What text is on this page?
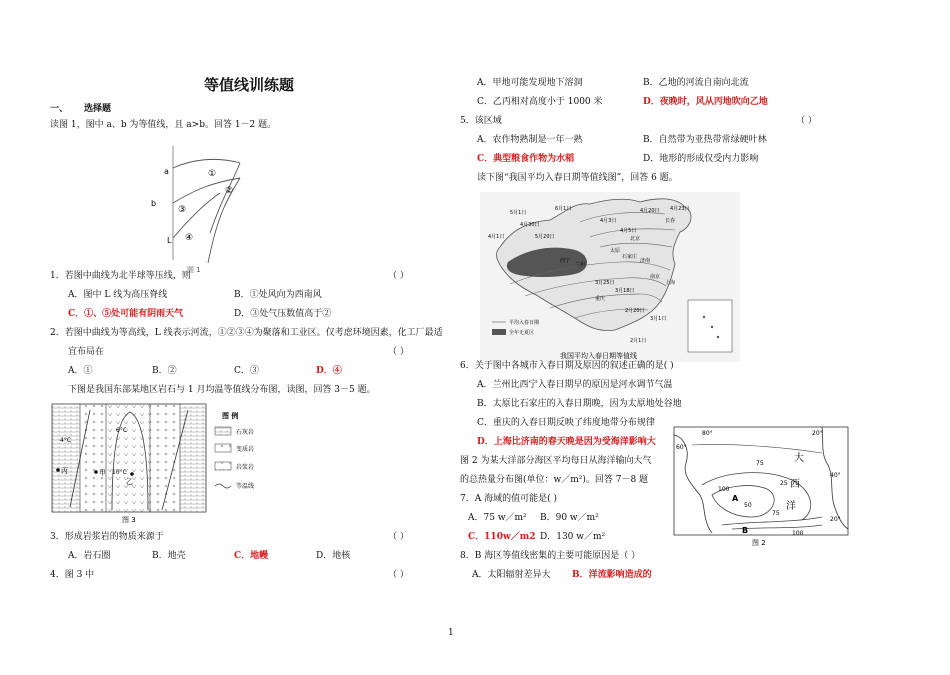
等值线训练题
一、 选择题
读图 1，图中 a、b 为等值线，且 a>b。回答 1－2 题。
a
b
L
①
②
③
④
图 1
1．若图中曲线为北半球等压线，则	（ ）
A．图中 L 线为高压脊线	B．①处风向为西南风
C．①、⑤处可能有阴雨天气	D．③处气压数值高于②
2．若图中曲线为等高线，L 线表示河流，①②③④为聚落和工业区。仅考虑环境因素，化工厂最适
宜布局在	（ ）
A．①	B．②	C．③	D．④
下图是我国东部某地区岩石与 1 月均温等值线分布图，读图，回答 3－5 题。
4°C
6°C
10°C
甲
乙
丙
图 例
石灰岩
变质岩
岩浆岩
等温线
图 3
3．形成岩浆岩的物质来源于	（ ）
A．岩石圈	B．地壳	C．地幔	D．地核
4．图 3 中	（ ）
A．甲地可能发现地下溶洞	B．乙地的河流自南向北流
C．乙丙相对高度小于 1000 米	D．夜晚时，风从丙地吹向乙地
5．该区域	（ ）
A．农作物熟制是一年一熟	B．自然带为亚热带常绿硬叶林
C．典型粮食作物为水稻	D．地形的形成仅受内力影响
读下图“我国平均入春日期等值线图”，回答 6 题。
5月1日
4月1日
3月1日
2月1日
6月1日
北京
上海
南京
兰州
西宁
重庆
太原
石家庄
济南
长春
4月3日
4月5日
4月23日
3月25日
3月18日
4月30日
5月20日
4月20日
2月20日
平均入春日期
全年无夏区
我国平均入春日期等值线
6．关于图中各城市入春日期及原因的叙述正确的是( )
A．兰州比西宁入春日期早的原因是河水调节气温
B．太原比石家庄的入春日期晚，因为太原地处谷地
C．重庆的入春日期反映了纬度地带分布规律
D．上海比济南的春天晚是因为受海洋影响大
图 2 为某大洋部分海区平均每日从海洋输向大气
的总热量分布图(单位：w／m²)。回答 7－8 题
80°	20°
40°
20°
60°
75
100
50
75
100
25
A
B
大
西
洋
图 2
7．A 海域的值可能是( )
A．75 w／m² B．90 w／m²
C．110w／m2 D．130 w／m²
8．B 海区等值线密集的主要可能原因是（ ）
A．太阳辐射差异大 B．洋流影响造成的
1
